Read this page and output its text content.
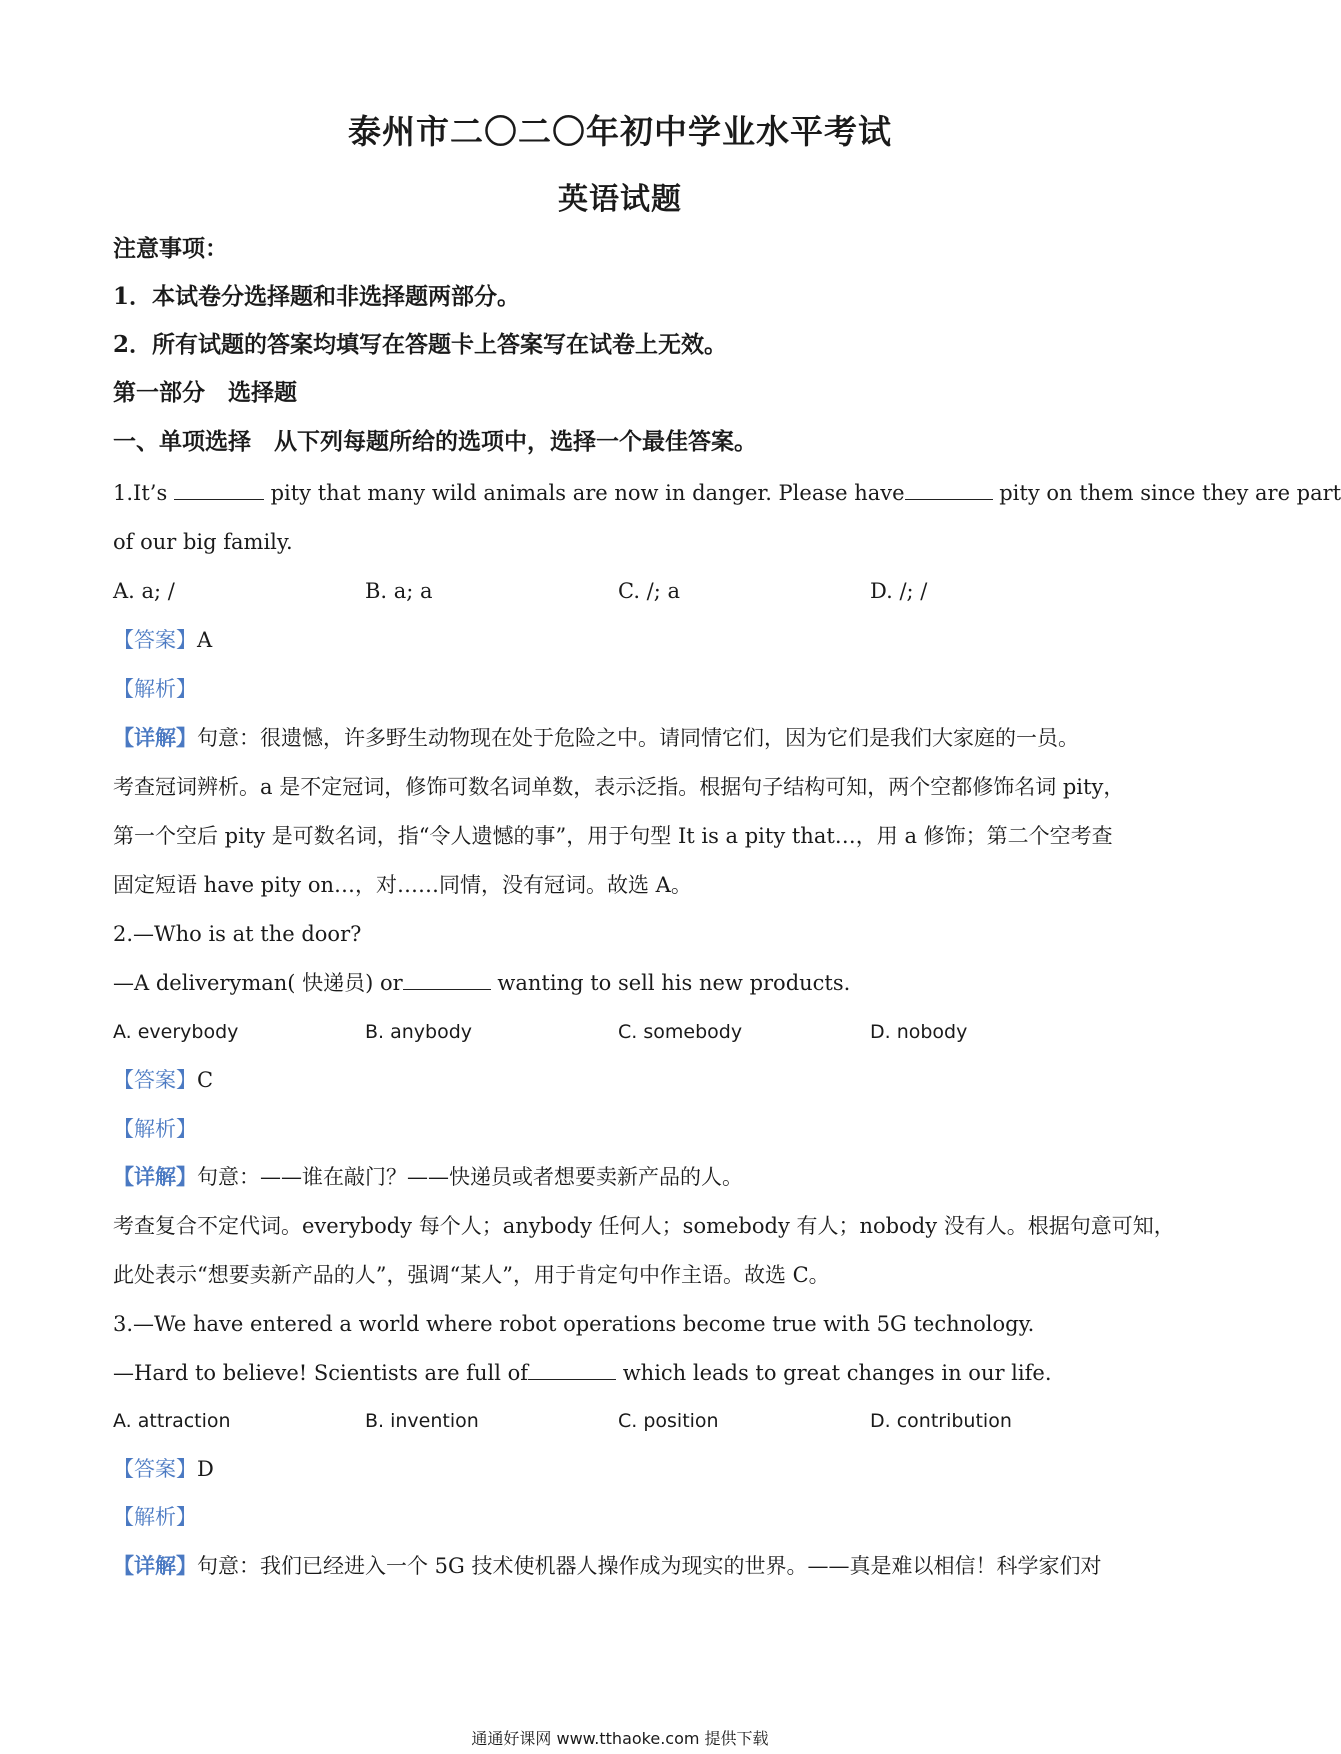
泰州市二〇二〇年初中学业水平考试
英语试题
注意事项：
1．本试卷分选择题和非选择题两部分。
2．所有试题的答案均填写在答题卡上答案写在试卷上无效。
第一部分　选择题
一、单项选择　从下列每题所给的选项中，选择一个最佳答案。
1.It’s	pity that many wild animals are now in danger. Please have	pity on them since they are part
of our big family.
A. a; /	B. a; a	C. /; a	D. /; /
【答案】A
【解析】
【详解】句意：很遗憾，许多野生动物现在处于危险之中。请同情它们，因为它们是我们大家庭的一员。
考查冠词辨析。a 是不定冠词，修饰可数名词单数，表示泛指。根据句子结构可知，两个空都修饰名词 pity，
第一个空后 pity 是可数名词，指“令人遗憾的事”，用于句型 It is a pity that…，用 a 修饰；第二个空考查
固定短语 have pity on…，对……同情，没有冠词。故选 A。
2.—Who is at the door?
—A deliveryman( 快递员) or	wanting to sell his new products.
A. everybody	B. anybody	C. somebody	D. nobody
【答案】C
【解析】
【详解】句意：——谁在敲门？——快递员或者想要卖新产品的人。
考查复合不定代词。everybody 每个人；anybody 任何人；somebody 有人；nobody 没有人。根据句意可知，
此处表示“想要卖新产品的人”，强调“某人”，用于肯定句中作主语。故选 C。
3.—We have entered a world where robot operations become true with 5G technology.
—Hard to believe! Scientists are full of	which leads to great changes in our life.
A. attraction	B. invention	C. position	D. contribution
【答案】D
【解析】
【详解】句意：我们已经进入一个 5G 技术使机器人操作成为现实的世界。——真是难以相信！科学家们对
通通好课网 www.tthaoke.com 提供下载
